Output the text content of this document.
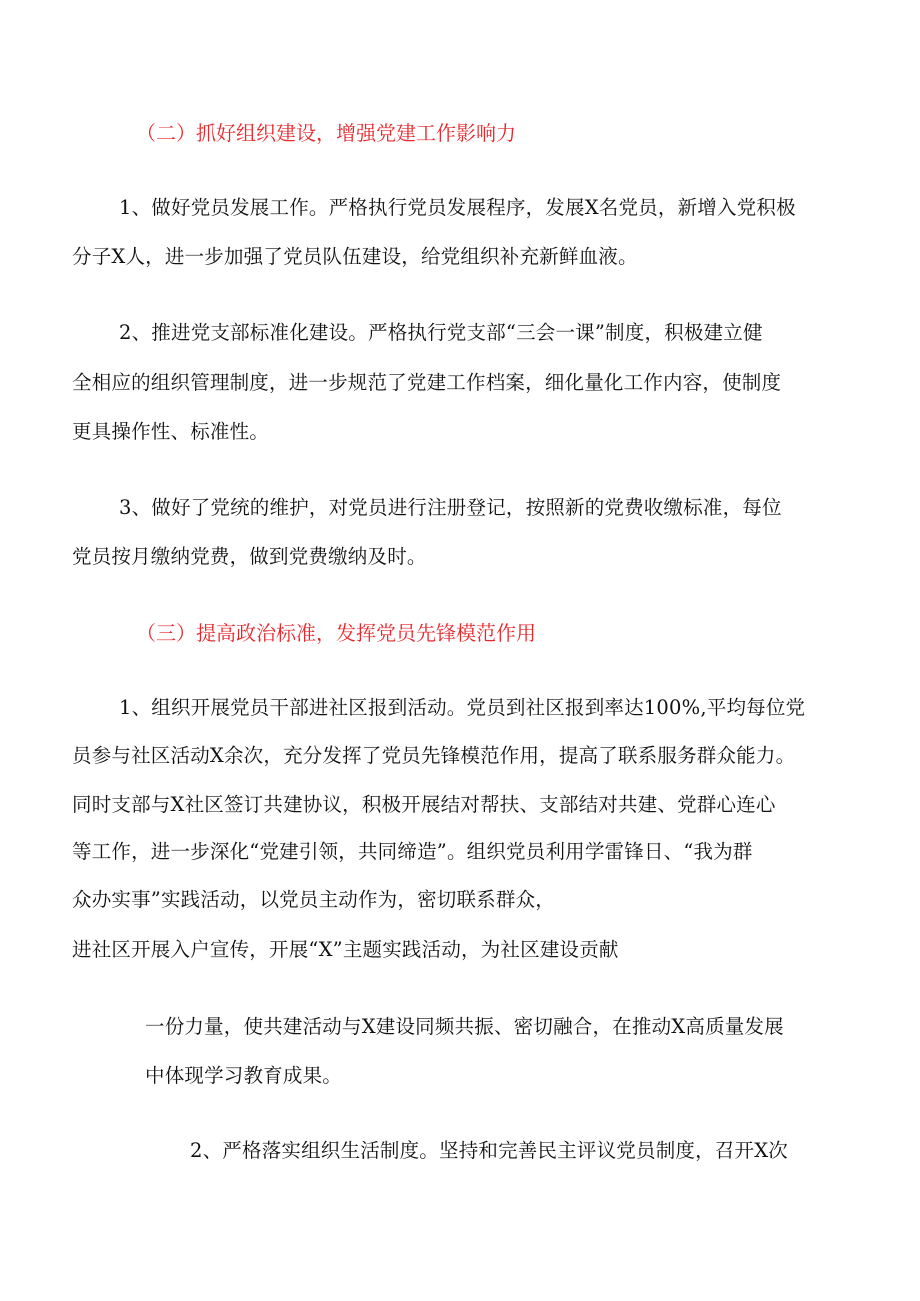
（二）抓好组织建设，增强党建工作影响力
1、做好党员发展工作。严格执行党员发展程序，发展X名党员，新增入党积极
分子X人，进一步加强了党员队伍建设，给党组织补充新鲜血液。
2、推进党支部标准化建设。严格执行党支部“三会一课”制度，积极建立健
全相应的组织管理制度，进一步规范了党建工作档案，细化量化工作内容，使制度
更具操作性、标准性。
3、做好了党统的维护，对党员进行注册登记，按照新的党费收缴标准，每位
党员按月缴纳党费，做到党费缴纳及时。
（三）提高政治标准，发挥党员先锋模范作用
1、组织开展党员干部进社区报到活动。党员到社区报到率达100%,平均每位党
员参与社区活动X余次，充分发挥了党员先锋模范作用，提高了联系服务群众能力。
同时支部与X社区签订共建协议，积极开展结对帮扶、支部结对共建、党群心连心
等工作，进一步深化“党建引领，共同缔造”。组织党员利用学雷锋日、“我为群
众办实事”实践活动，以党员主动作为，密切联系群众，
进社区开展入户宣传，开展“X”主题实践活动，为社区建设贡献
一份力量，使共建活动与X建设同频共振、密切融合，在推动X高质量发展
中体现学习教育成果。
2、严格落实组织生活制度。坚持和完善民主评议党员制度，召开X次
